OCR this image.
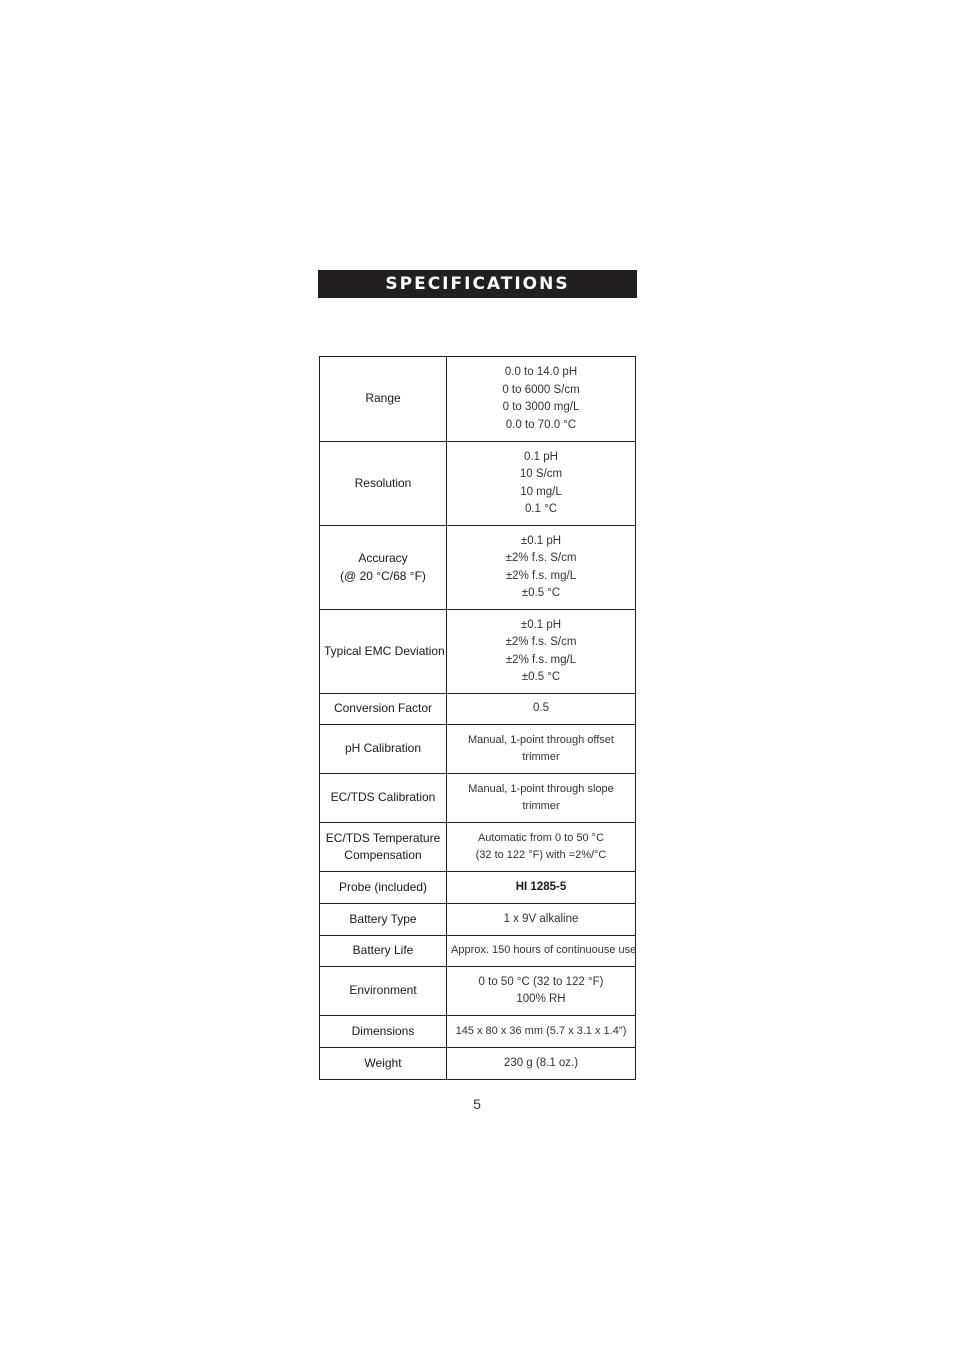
SPECIFICATIONS
Range	0.0 to 14.0 pH
0 to 6000 S/cm
0 to 3000 mg/L
0.0 to 70.0 °C

Resolution	0.1 pH
10 S/cm
10 mg/L
0.1 °C

Accuracy
(@ 20 °C/68 °F)	±0.1 pH
±2% f.s. S/cm
±2% f.s. mg/L
±0.5 °C

Typical EMC Deviation	±0.1 pH
±2% f.s. S/cm
±2% f.s. mg/L
±0.5 °C

Conversion Factor	0.5

pH Calibration	Manual, 1-point through offset
trimmer

EC/TDS Calibration	Manual, 1-point through slope
trimmer

EC/TDS Temperature
Compensation	Automatic from 0 to 50 °C
(32 to 122 °F) with =2%/°C

Probe (included)	HI 1285-5

Battery Type	1 x 9V alkaline

Battery Life	Approx. 150 hours of continuouse use

Environment	0 to 50 °C (32 to 122 °F)
100% RH

Dimensions	145 x 80 x 36 mm (5.7 x 3.1 x 1.4")

Weight	230 g (8.1 oz.)
5
